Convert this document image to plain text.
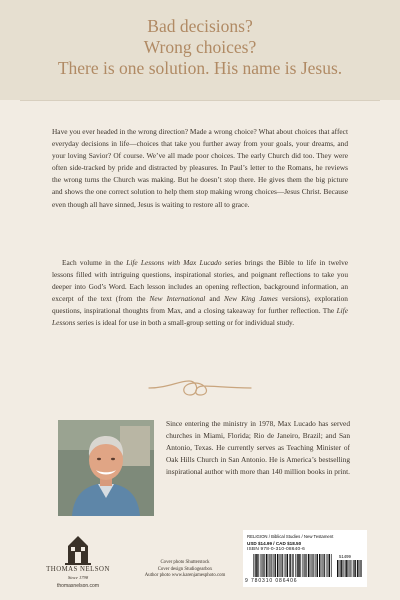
Bad decisions?
Wrong choices?
There is one solution. His name is Jesus.
Have you ever headed in the wrong direction? Made a wrong choice? What about choices that affect everyday decisions in life—choices that take you further away from your goals, your dreams, and your loving Savior? Of course. We’ve all made poor choices. The early Church did too. They were often side-tracked by pride and distracted by pleasures. In Paul’s letter to the Romans, he reviews the wrong turns the Church was making. But he doesn’t stop there. He gives them the big picture and shows the one correct solution to help them stop making wrong choices—Jesus Christ. Because even though all have sinned, Jesus is waiting to restore all to grace.
Each volume in the Life Lessons with Max Lucado series brings the Bible to life in twelve lessons filled with intriguing questions, inspirational stories, and poignant reflections to take you deeper into God’s Word. Each lesson includes an opening reflection, background information, an excerpt of the text (from the New International and New King James versions), exploration questions, inspirational thoughts from Max, and a closing takeaway for further reflection. The Life Lessons series is ideal for use in both a small-group setting or for individual study.
Since entering the ministry in 1978, Max Lucado has served churches in Miami, Florida; Rio de Janeiro, Brazil; and San Antonio, Texas. He currently serves as Teaching Minister of Oak Hills Church in San Antonio. He is America’s bestselling inspirational author with more than 140 million books in print.
THOMAS NELSON
Since 1798
thomasnelson.com
Cover photo Shutterstock
Cover design Studiogearbox
Author photo www.karenjamesphoto.com
RELIGION / Biblical Studies / New Testament
USD $14.99 / CAD $18.50
ISBN 978-0-310-08640-6
51499
9 780310 086406
